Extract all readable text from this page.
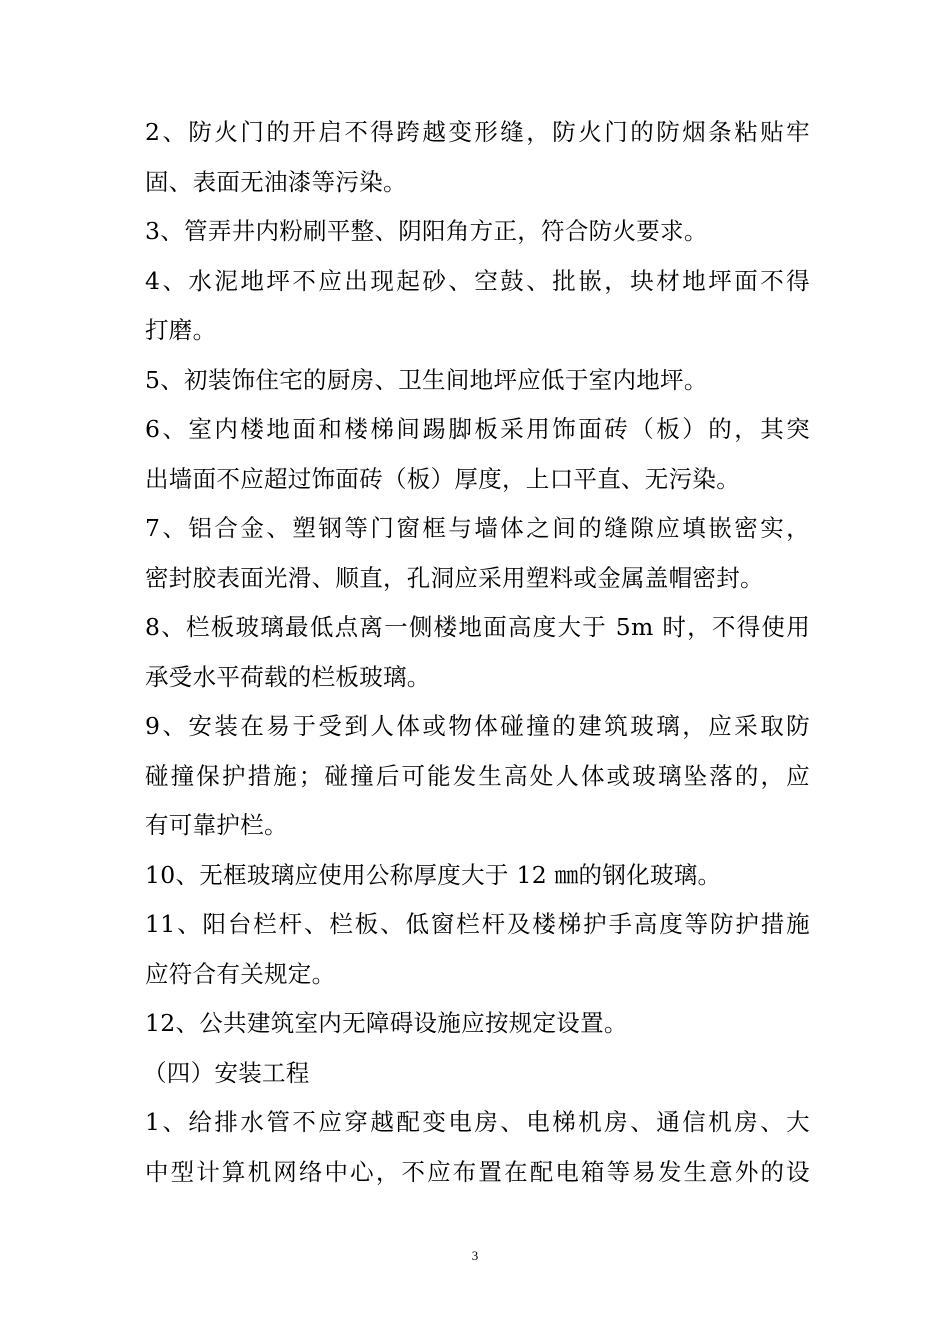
2、防火门的开启不得跨越变形缝，防火门的防烟条粘贴牢
固、表面无油漆等污染。
3、管弄井内粉刷平整、阴阳角方正，符合防火要求。
4、水泥地坪不应出现起砂、空鼓、批嵌，块材地坪面不得
打磨。
5、初装饰住宅的厨房、卫生间地坪应低于室内地坪。
6、室内楼地面和楼梯间踢脚板采用饰面砖（板）的，其突
出墙面不应超过饰面砖（板）厚度，上口平直、无污染。
7、铝合金、塑钢等门窗框与墙体之间的缝隙应填嵌密实，
密封胶表面光滑、顺直，孔洞应采用塑料或金属盖帽密封。
8、栏板玻璃最低点离一侧楼地面高度大于 5m 时，不得使用
承受水平荷载的栏板玻璃。
9、安装在易于受到人体或物体碰撞的建筑玻璃，应采取防
碰撞保护措施；碰撞后可能发生高处人体或玻璃坠落的，应
有可靠护栏。
10、无框玻璃应使用公称厚度大于 12 ㎜的钢化玻璃。
11、阳台栏杆、栏板、低窗栏杆及楼梯护手高度等防护措施
应符合有关规定。
12、公共建筑室内无障碍设施应按规定设置。
（四）安装工程
1、给排水管不应穿越配变电房、电梯机房、通信机房、大
中型计算机网络中心，不应布置在配电箱等易发生意外的设
3
